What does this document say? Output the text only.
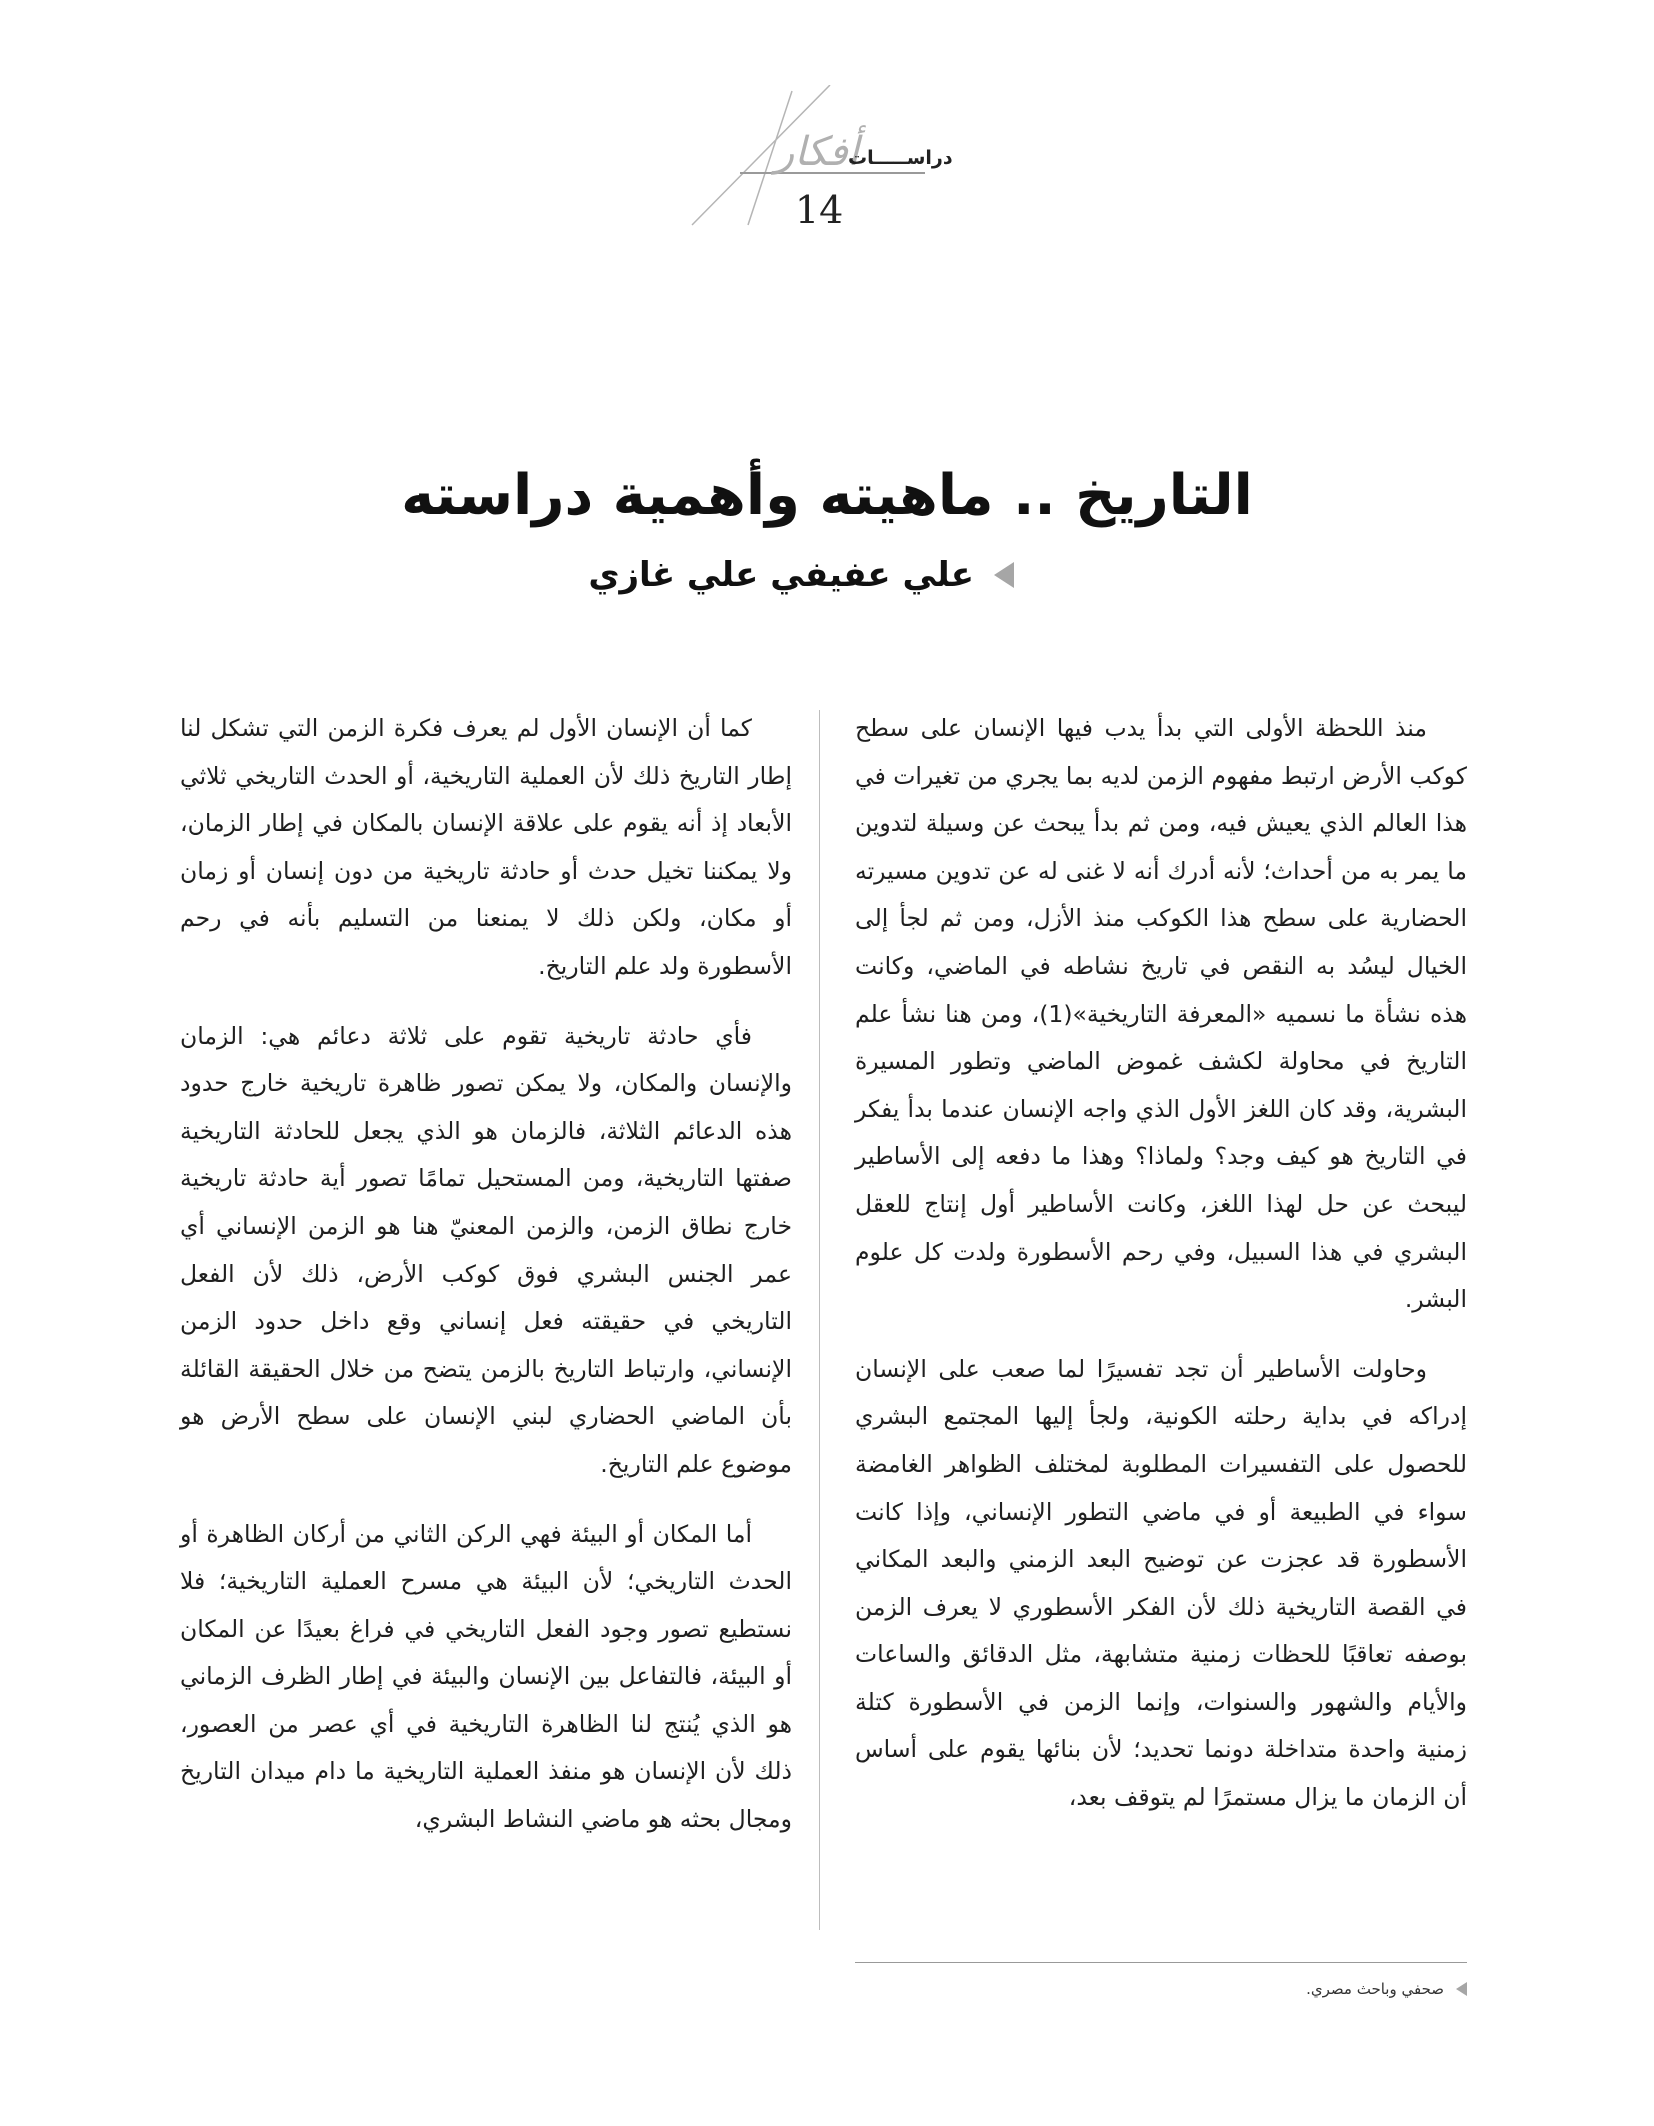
أفكار
دراســـــات
14
التاريخ .. ماهيته وأهمية دراسته
علي عفيفي علي غازي

منذ اللحظة الأولى التي بدأ يدب فيها الإنسان على سطح كوكب الأرض ارتبط مفهوم الزمن لديه بما يجري من تغيرات في هذا العالم الذي يعيش فيه، ومن ثم بدأ يبحث عن وسيلة لتدوين ما يمر به من أحداث؛ لأنه أدرك أنه لا غنى له عن تدوين مسيرته الحضارية على سطح هذا الكوكب منذ الأزل، ومن ثم لجأ إلى الخيال ليسُد به النقص في تاريخ نشاطه في الماضي، وكانت هذه نشأة ما نسميه «المعرفة التاريخية»(1)، ومن هنا نشأ علم التاريخ في محاولة لكشف غموض الماضي وتطور المسيرة البشرية، وقد كان اللغز الأول الذي واجه الإنسان عندما بدأ يفكر في التاريخ هو كيف وجد؟ ولماذا؟ وهذا ما دفعه إلى الأساطير ليبحث عن حل لهذا اللغز، وكانت الأساطير أول إنتاج للعقل البشري في هذا السبيل، وفي رحم الأسطورة ولدت كل علوم البشر.

وحاولت الأساطير أن تجد تفسيرًا لما صعب على الإنسان إدراكه في بداية رحلته الكونية، ولجأ إليها المجتمع البشري للحصول على التفسيرات المطلوبة لمختلف الظواهر الغامضة سواء في الطبيعة أو في ماضي التطور الإنساني، وإذا كانت الأسطورة قد عجزت عن توضيح البعد الزمني والبعد المكاني في القصة التاريخية ذلك لأن الفكر الأسطوري لا يعرف الزمن بوصفه تعاقبًا للحظات زمنية متشابهة، مثل الدقائق والساعات والأيام والشهور والسنوات، وإنما الزمن في الأسطورة كتلة زمنية واحدة متداخلة دونما تحديد؛ لأن بنائها يقوم على أساس أن الزمان ما يزال مستمرًا لم يتوقف بعد،

كما أن الإنسان الأول لم يعرف فكرة الزمن التي تشكل لنا إطار التاريخ ذلك لأن العملية التاريخية، أو الحدث التاريخي ثلاثي الأبعاد إذ أنه يقوم على علاقة الإنسان بالمكان في إطار الزمان، ولا يمكننا تخيل حدث أو حادثة تاريخية من دون إنسان أو زمان أو مكان، ولكن ذلك لا يمنعنا من التسليم بأنه في رحم الأسطورة ولد علم التاريخ.

فأي حادثة تاريخية تقوم على ثلاثة دعائم هي: الزمان والإنسان والمكان، ولا يمكن تصور ظاهرة تاريخية خارج حدود هذه الدعائم الثلاثة، فالزمان هو الذي يجعل للحادثة التاريخية صفتها التاريخية، ومن المستحيل تمامًا تصور أية حادثة تاريخية خارج نطاق الزمن، والزمن المعنيّ هنا هو الزمن الإنساني أي عمر الجنس البشري فوق كوكب الأرض، ذلك لأن الفعل التاريخي في حقيقته فعل إنساني وقع داخل حدود الزمن الإنساني، وارتباط التاريخ بالزمن يتضح من خلال الحقيقة القائلة بأن الماضي الحضاري لبني الإنسان على سطح الأرض هو موضوع علم التاريخ.

أما المكان أو البيئة فهي الركن الثاني من أركان الظاهرة أو الحدث التاريخي؛ لأن البيئة هي مسرح العملية التاريخية؛ فلا نستطيع تصور وجود الفعل التاريخي في فراغ بعيدًا عن المكان أو البيئة، فالتفاعل بين الإنسان والبيئة في إطار الظرف الزماني هو الذي يُنتج لنا الظاهرة التاريخية في أي عصر من العصور، ذلك لأن الإنسان هو منفذ العملية التاريخية ما دام ميدان التاريخ ومجال بحثه هو ماضي النشاط البشري،

صحفي وباحث مصري.
